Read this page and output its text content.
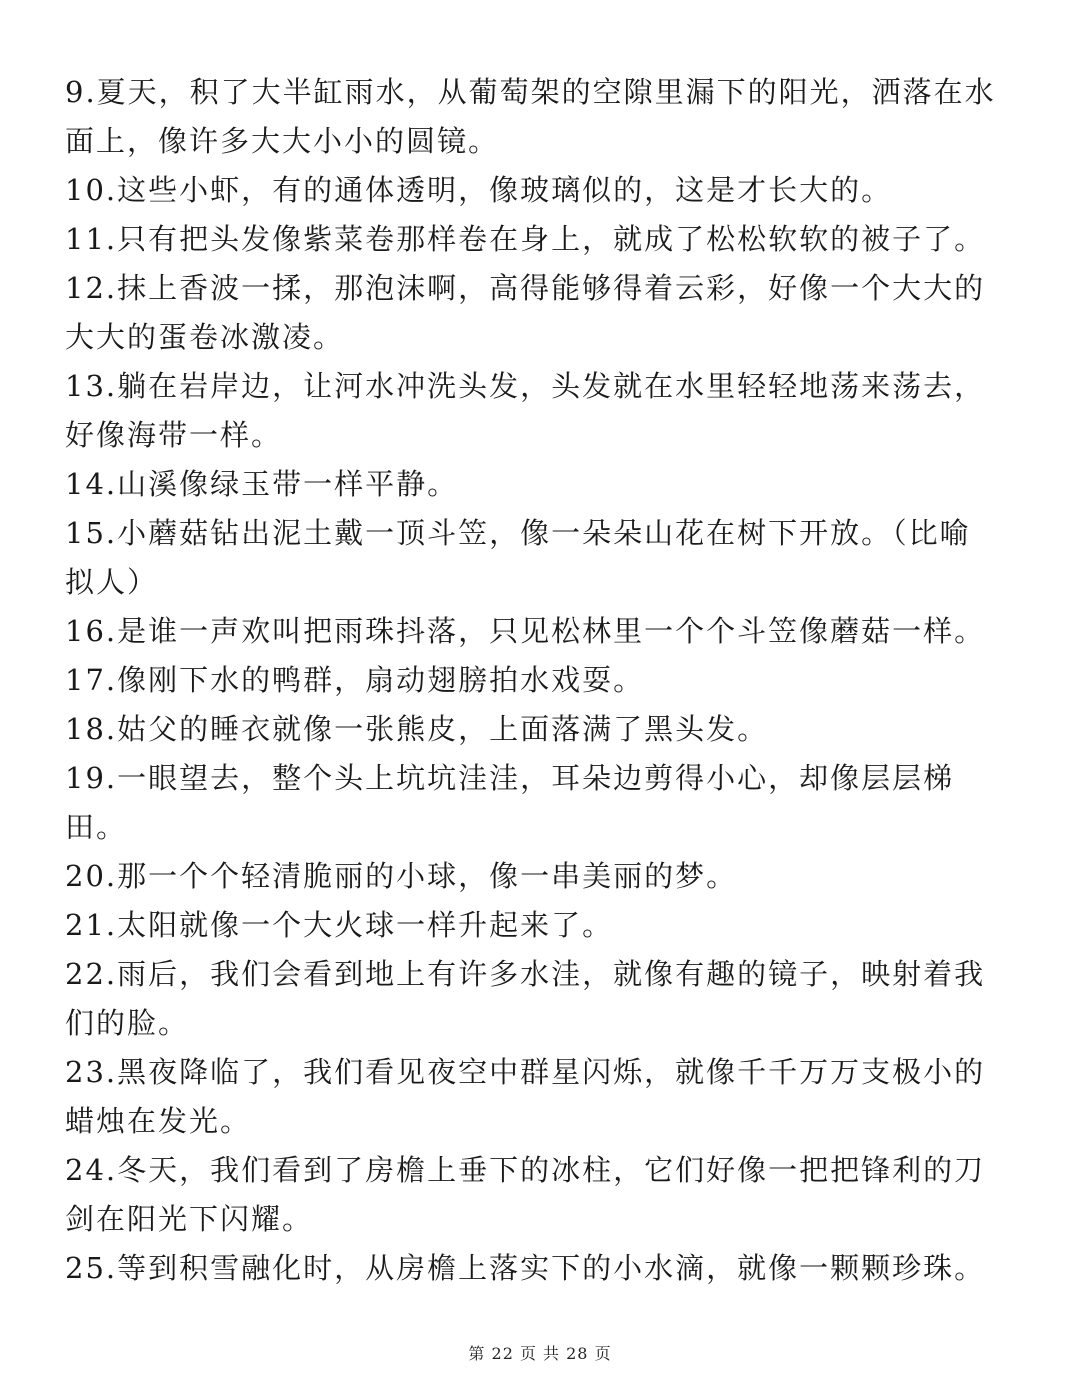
9.夏天，积了大半缸雨水，从葡萄架的空隙里漏下的阳光，洒落在水
面上，像许多大大小小的圆镜。
10.这些小虾，有的通体透明，像玻璃似的，这是才长大的。
11.只有把头发像紫菜卷那样卷在身上，就成了松松软软的被子了。
12.抹上香波一揉，那泡沫啊，高得能够得着云彩，好像一个大大的
大大的蛋卷冰激凌。
13.躺在岩岸边，让河水冲洗头发，头发就在水里轻轻地荡来荡去，
好像海带一样。
14.山溪像绿玉带一样平静。
15.小蘑菇钻出泥土戴一顶斗笠，像一朵朵山花在树下开放。（比喻
拟人）
16.是谁一声欢叫把雨珠抖落，只见松林里一个个斗笠像蘑菇一样。
17.像刚下水的鸭群，扇动翅膀拍水戏耍。
18.姑父的睡衣就像一张熊皮，上面落满了黑头发。
19.一眼望去，整个头上坑坑洼洼，耳朵边剪得小心，却像层层梯
田。
20.那一个个轻清脆丽的小球，像一串美丽的梦。
21.太阳就像一个大火球一样升起来了。
22.雨后，我们会看到地上有许多水洼，就像有趣的镜子，映射着我
们的脸。
23.黑夜降临了，我们看见夜空中群星闪烁，就像千千万万支极小的
蜡烛在发光。
24.冬天，我们看到了房檐上垂下的冰柱，它们好像一把把锋利的刀
剑在阳光下闪耀。
25.等到积雪融化时，从房檐上落实下的小水滴，就像一颗颗珍珠。
第 22 页 共 28 页
